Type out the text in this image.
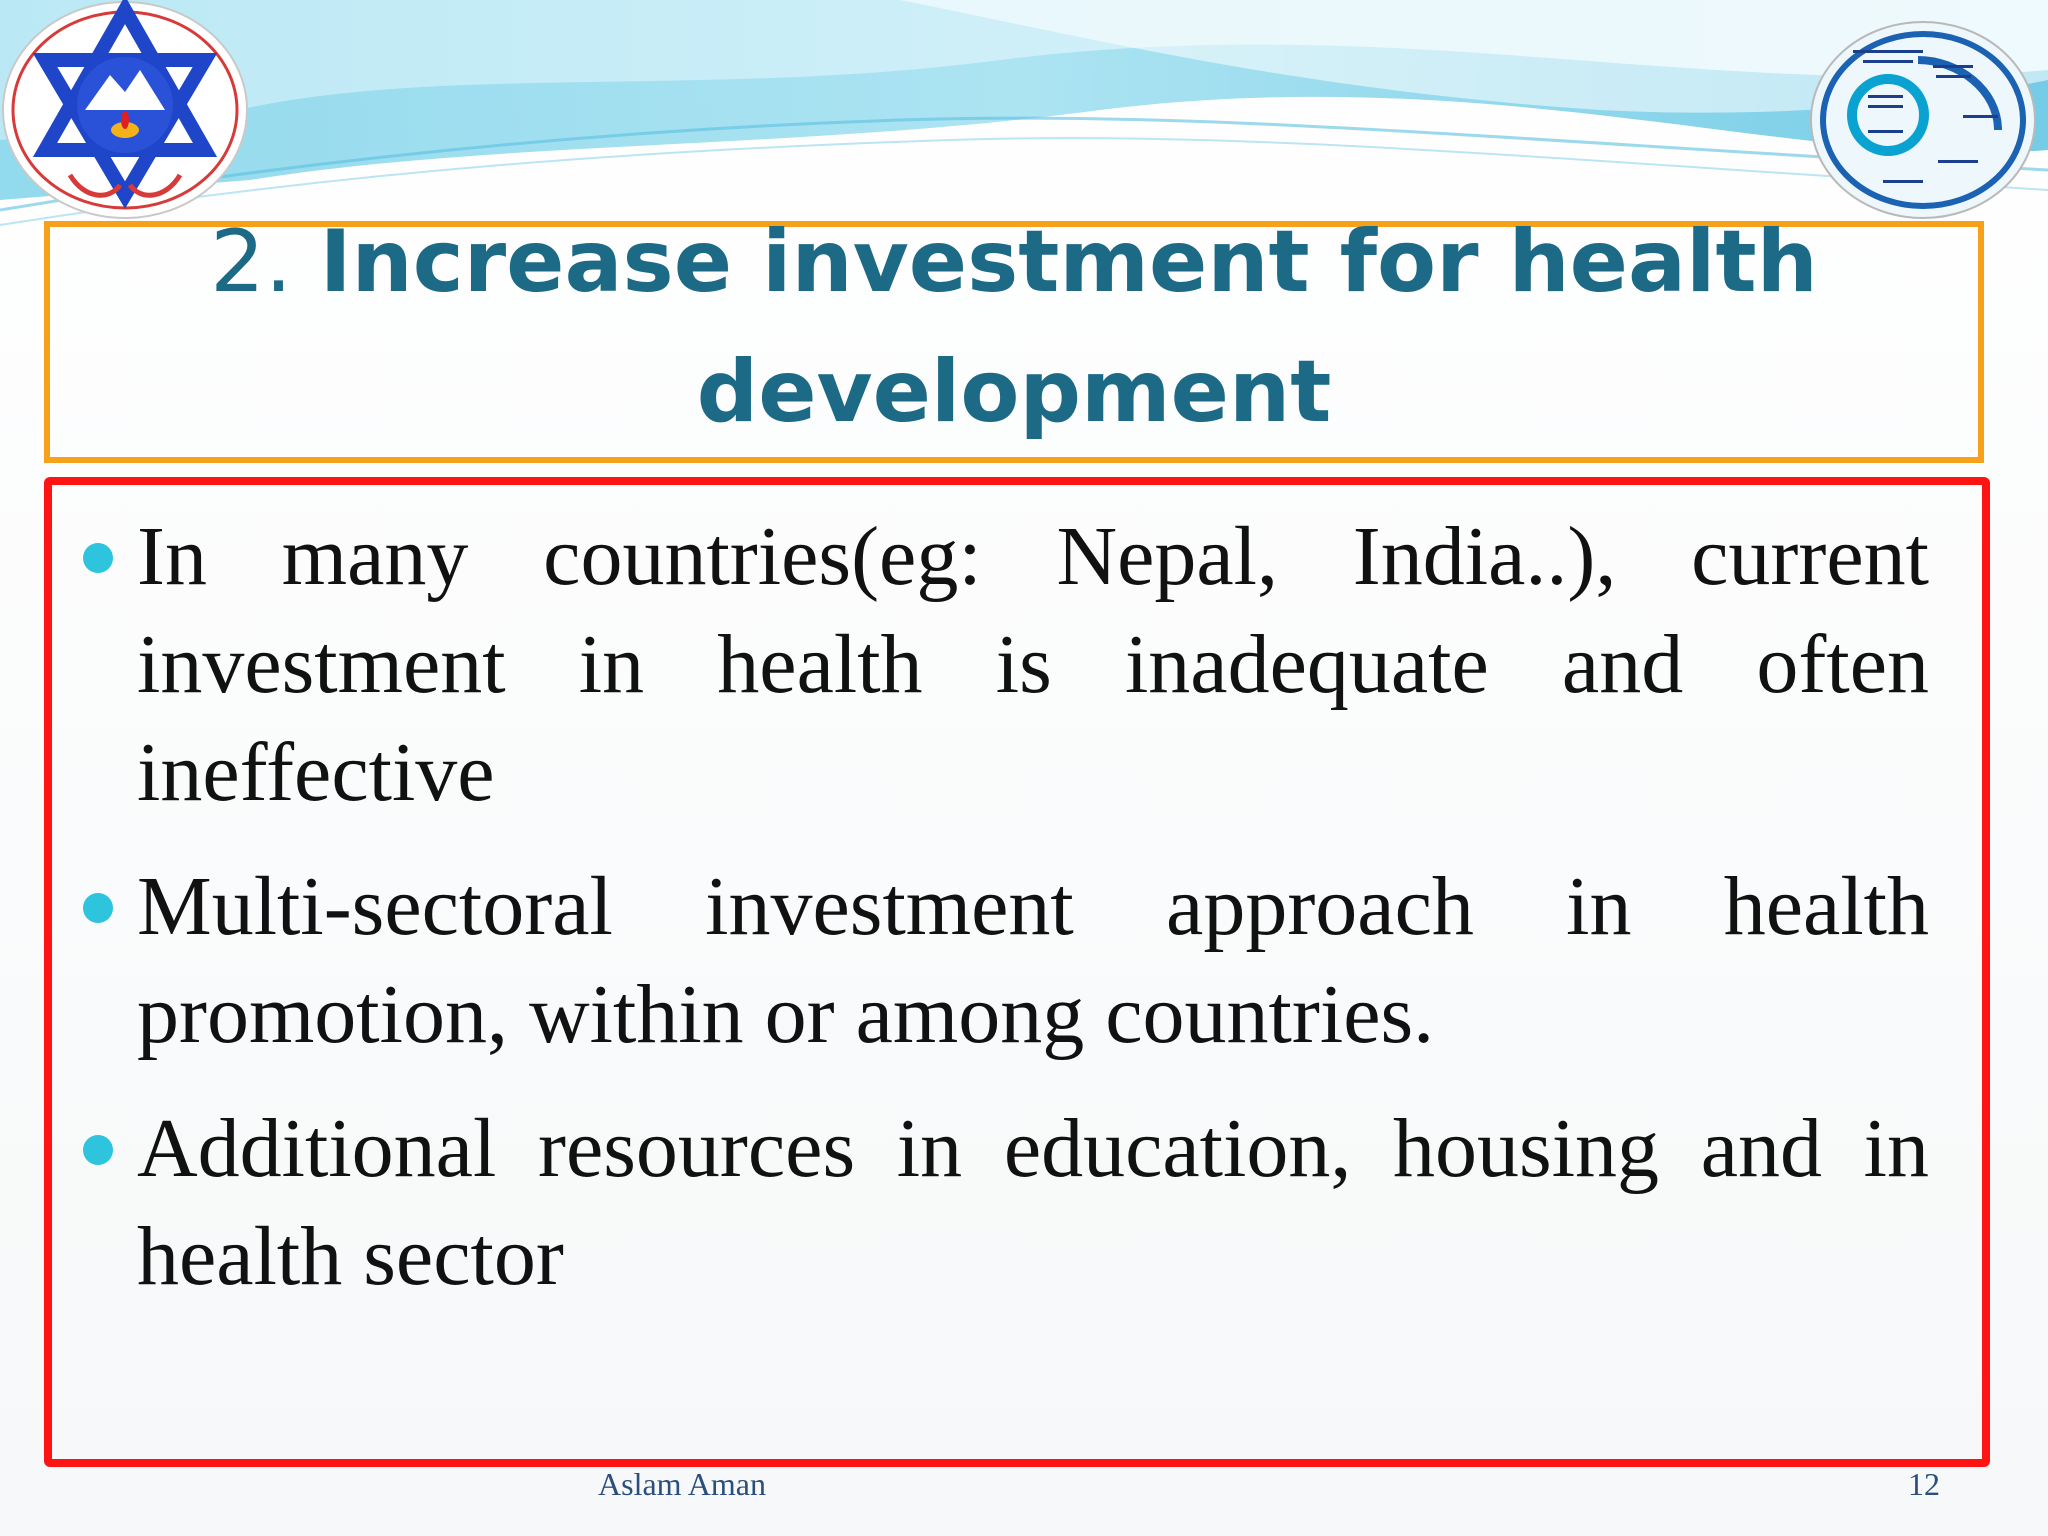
2. Increase investment for health

development

In many countries(eg: Nepal, India..), current investment in health is inadequate and often ineffective
Multi-sectoral investment approach in health promotion, within or among countries.
Additional resources in education, housing and in health sector
Aslam Aman	12
